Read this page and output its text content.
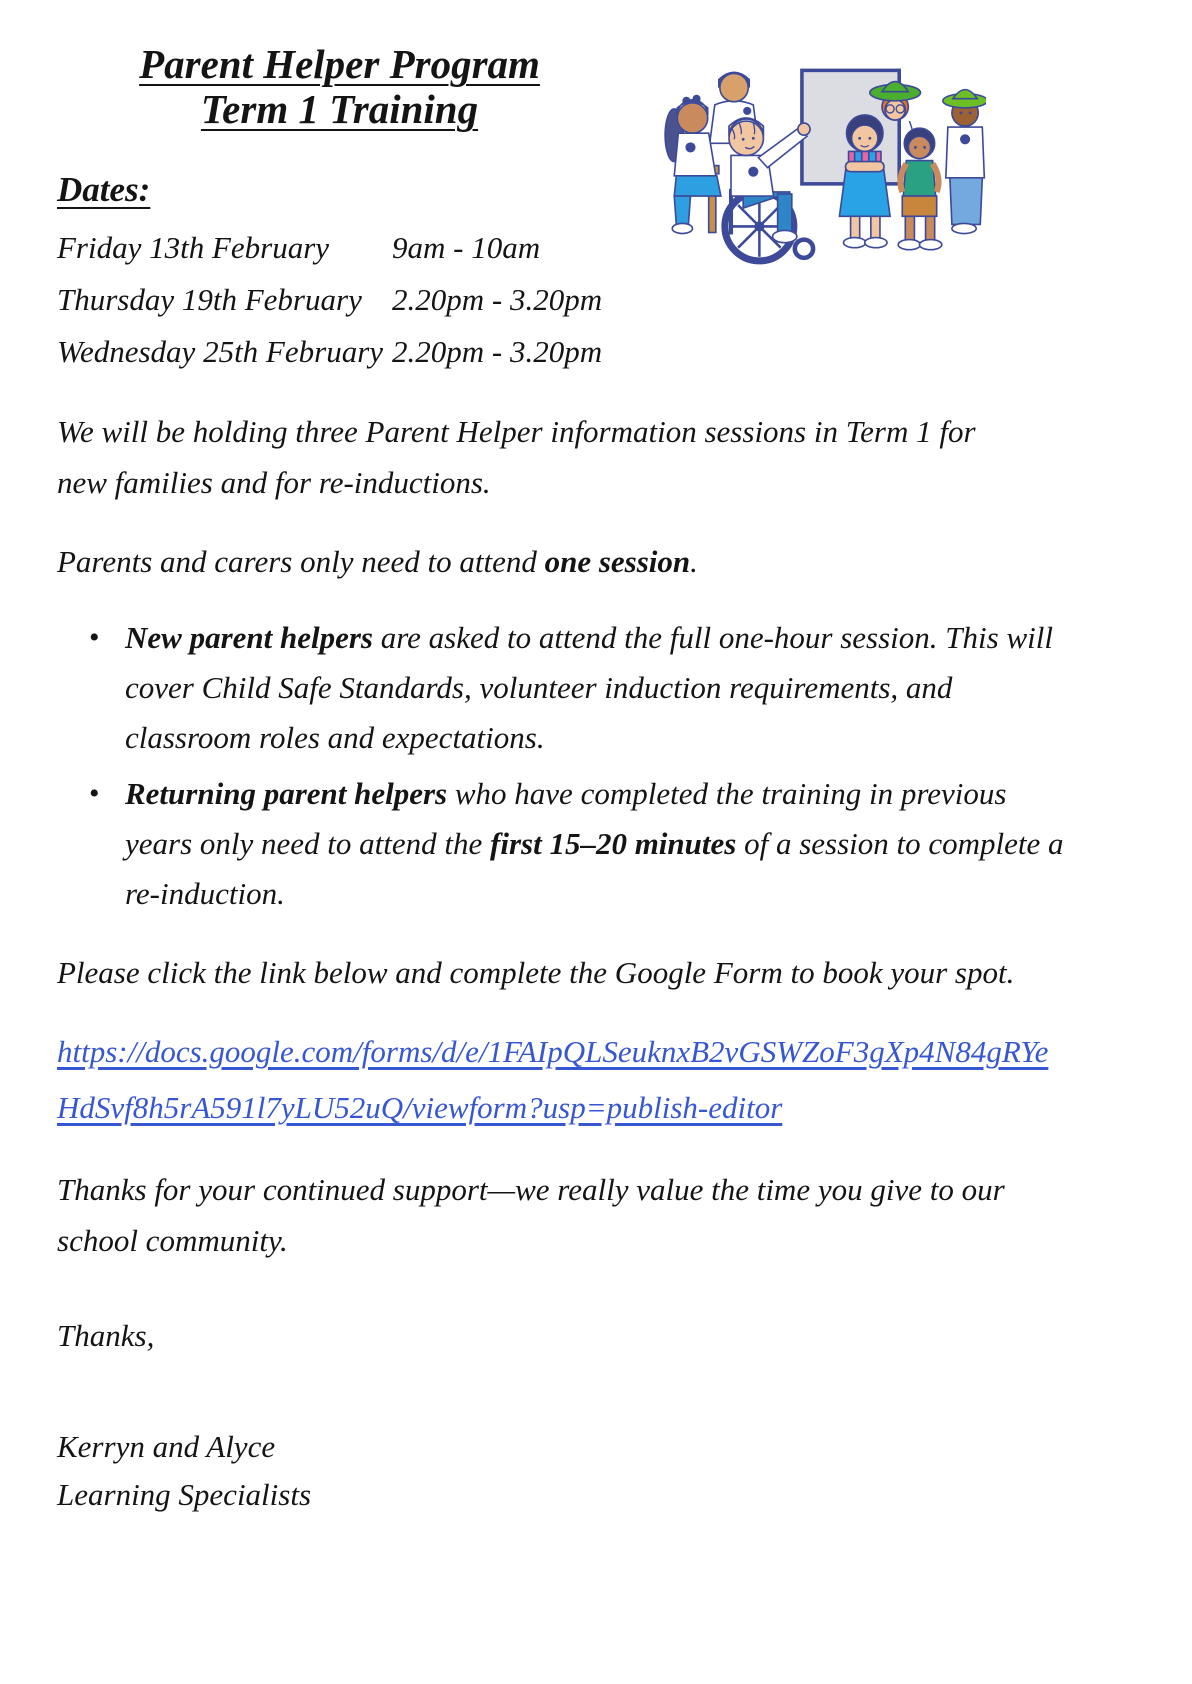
Parent Helper Program
Term 1 Training
Dates:
Friday 13th February	9am - 10am
Thursday 19th February 2.20pm - 3.20pm
Wednesday 25th February 2.20pm - 3.20pm

We will be holding three Parent Helper information sessions in Term 1 for new families and for re-inductions.

Parents and carers only need to attend one session.

• New parent helpers are asked to attend the full one-hour session. This will cover Child Safe Standards, volunteer induction requirements, and classroom roles and expectations.
• Returning parent helpers who have completed the training in previous years only need to attend the first 15–20 minutes of a session to complete a re-induction.

Please click the link below and complete the Google Form to book your spot.

https://docs.google.com/forms/d/e/1FAIpQLSeuknxB2vGSWZoF3gXp4N84gRYeHdSvf8h5rA591l7yLU52uQ/viewform?usp=publish-editor

Thanks for your continued support—we really value the time you give to our school community.

Thanks,

Kerryn and Alyce

Learning Specialists
